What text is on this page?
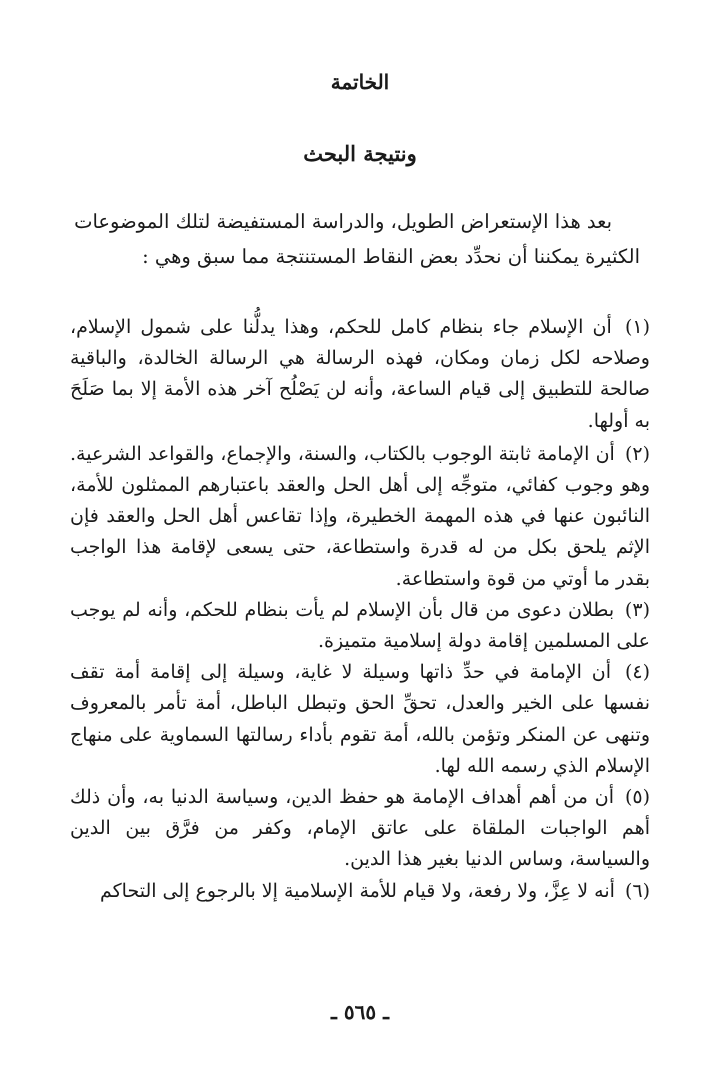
الخاتمة
ونتيجة البحث
بعد هذا الإستعراض الطويل، والدراسة المستفيضة لتلك الموضوعات
الكثيرة يمكننا أن نحدِّد بعض النقاط المستنتجة مما سبق وهي :
(١) أن الإسلام جاء بنظام كامل للحكم، وهذا يدلُّنا على شمول الإسلام، وصلاحه لكل زمان ومكان، فهذه الرسالة هي الرسالة الخالدة، والباقية صالحة للتطبيق إلى قيام الساعة، وأنه لن يَصْلُح آخر هذه الأمة إلا بما صَلَحَ به أولها.
(٢) أن الإمامة ثابتة الوجوب بالكتاب، والسنة، والإجماع، والقواعد الشرعية. وهو وجوب كفائي، متوجِّه إلى أهل الحل والعقد باعتبارهم الممثلون للأمة، النائبون عنها في هذه المهمة الخطيرة، وإذا تقاعس أهل الحل والعقد فإن الإثم يلحق بكل من له قدرة واستطاعة، حتى يسعى لإقامة هذا الواجب بقدر ما أوتي من قوة واستطاعة.
(٣) بطلان دعوى من قال بأن الإسلام لم يأت بنظام للحكم، وأنه لم يوجب على المسلمين إقامة دولة إسلامية متميزة.
(٤) أن الإمامة في حدِّ ذاتها وسيلة لا غاية، وسيلة إلى إقامة أمة تقف نفسها على الخير والعدل، تحقِّ الحق وتبطل الباطل، أمة تأمر بالمعروف وتنهى عن المنكر وتؤمن بالله، أمة تقوم بأداء رسالتها السماوية على منهاج الإسلام الذي رسمه الله لها.
(٥) أن من أهم أهداف الإمامة هو حفظ الدين، وسياسة الدنيا به، وأن ذلك أهم الواجبات الملقاة على عاتق الإمام، وكفر من فرَّق بين الدين والسياسة، وساس الدنيا بغير هذا الدين.
(٦) أنه لا عِزَّ، ولا رفعة، ولا قيام للأمة الإسلامية إلا بالرجوع إلى التحاكم
ـ ٥٦٥ ـ
